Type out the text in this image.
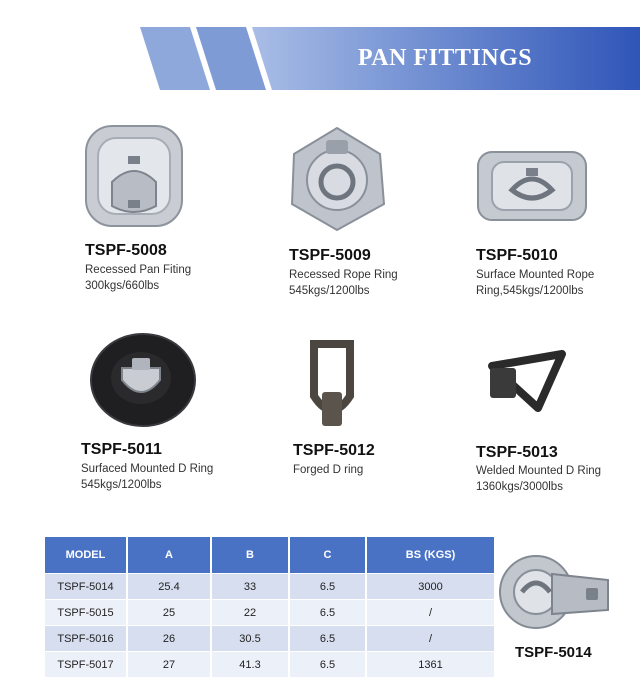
PAN FITTINGS
TSPF-5008
Recessed Pan Fiting
300kgs/660lbs
TSPF-5009
Recessed Rope Ring
545kgs/1200lbs
TSPF-5010
Surface Mounted Rope
Ring,545kgs/1200lbs
TSPF-5011
Surfaced Mounted D Ring
545kgs/1200lbs
TSPF-5012
Forged D ring
TSPF-5013
Welded Mounted D Ring
1360kgs/3000lbs
MODEL	A	B	C	BS (KGS)
TSPF-5014	25.4	33	6.5	3000
TSPF-5015	25	22	6.5	/
TSPF-5016	26	30.5	6.5	/
TSPF-5017	27	41.3	6.5	1361
TSPF-5014
